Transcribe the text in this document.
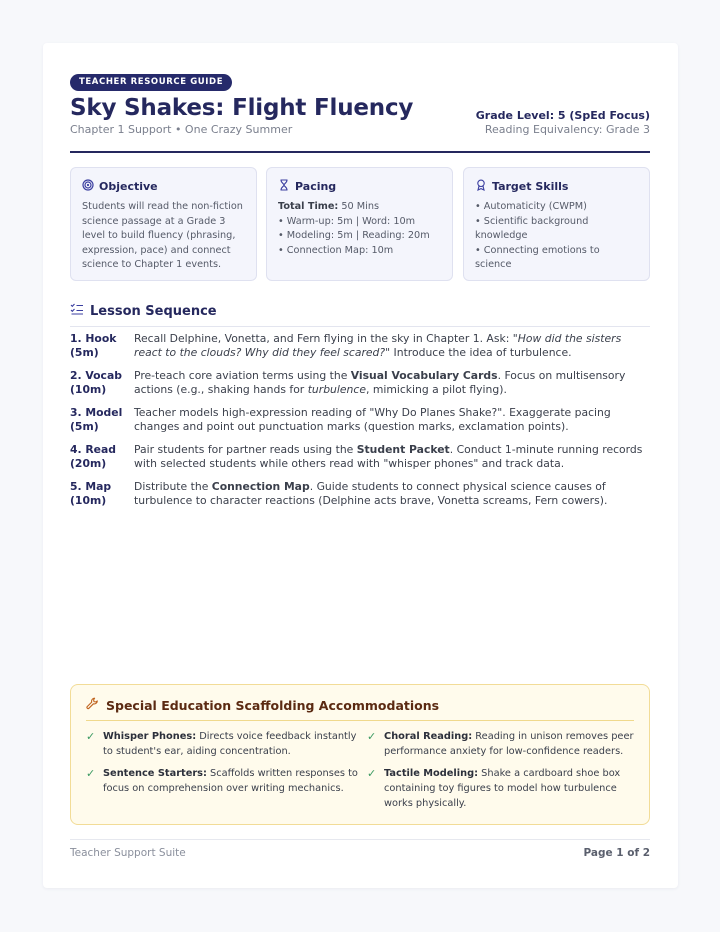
TEACHER RESOURCE GUIDE
Sky Shakes: Flight Fluency
Chapter 1 Support • One Crazy Summer
Grade Level: 5 (SpEd Focus)
Reading Equivalency: Grade 3
Objective
Students will read the non-fiction science passage at a Grade 3 level to build fluency (phrasing, expression, pace) and connect science to Chapter 1 events.
Pacing
Total Time: 50 Mins
• Warm-up: 5m | Word: 10m
• Modeling: 5m | Reading: 20m
• Connection Map: 10m
Target Skills
• Automaticity (CWPM)
• Scientific background knowledge
• Connecting emotions to science
Lesson Sequence
1. Hook
(5m)
Recall Delphine, Vonetta, and Fern flying in the sky in Chapter 1. Ask: "How did the sisters react to the clouds? Why did they feel scared?" Introduce the idea of turbulence.
2. Vocab
(10m)
Pre-teach core aviation terms using the Visual Vocabulary Cards. Focus on multisensory actions (e.g., shaking hands for turbulence, mimicking a pilot flying).
3. Model
(5m)
Teacher models high-expression reading of "Why Do Planes Shake?". Exaggerate pacing changes and point out punctuation marks (question marks, exclamation points).
4. Read
(20m)
Pair students for partner reads using the Student Packet. Conduct 1-minute running records with selected students while others read with "whisper phones" and track data.
5. Map
(10m)
Distribute the Connection Map. Guide students to connect physical science causes of turbulence to character reactions (Delphine acts brave, Vonetta screams, Fern cowers).
Special Education Scaffolding Accommodations
✓ Whisper Phones: Directs voice feedback instantly to student's ear, aiding concentration.
✓ Choral Reading: Reading in unison removes peer performance anxiety for low-confidence readers.
✓ Sentence Starters: Scaffolds written responses to focus on comprehension over writing mechanics.
✓ Tactile Modeling: Shake a cardboard shoe box containing toy figures to model how turbulence works physically.
Teacher Support Suite	Page 1 of 2
